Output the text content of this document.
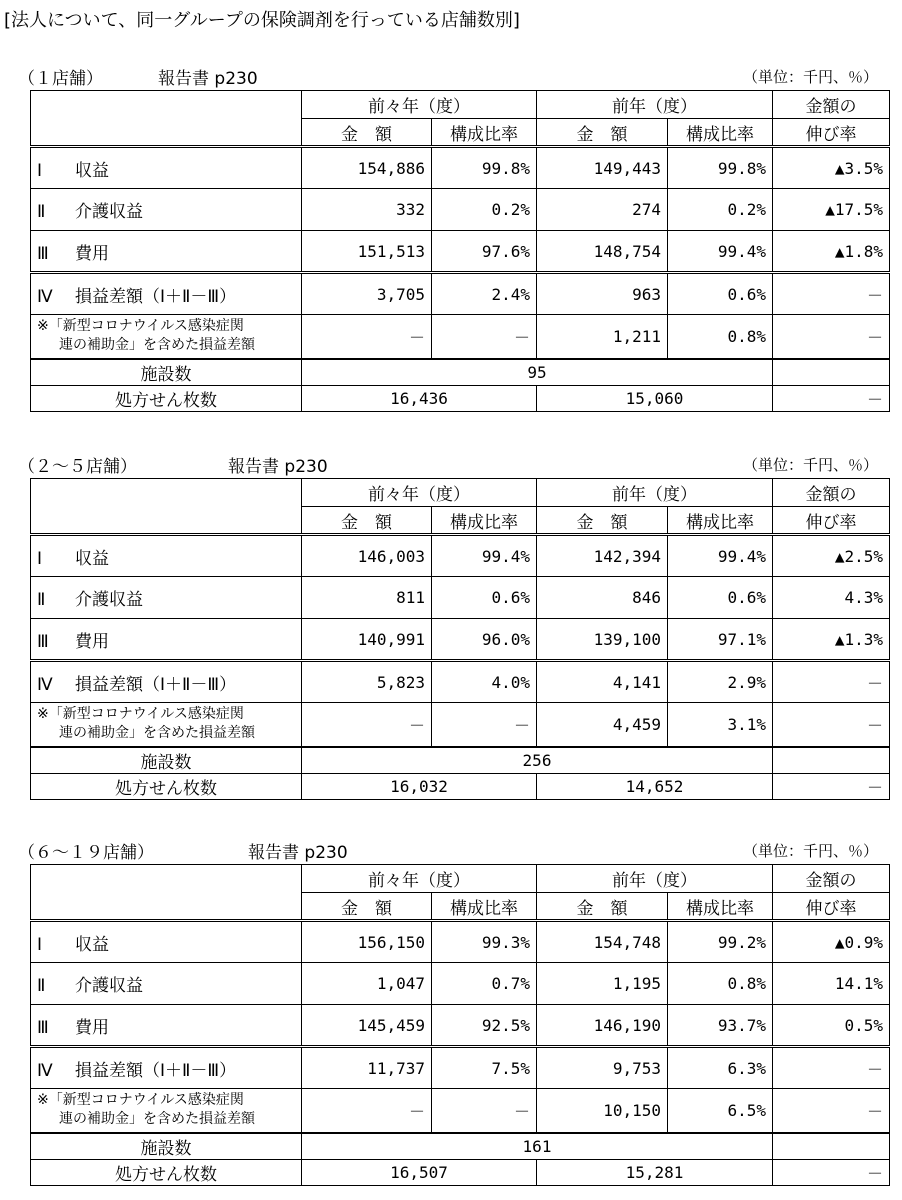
[法人について、同一グループの保険調剤を行っている店舗数別]
（１店舗）	報告書 p230	（単位：千円、％）
	前々年（度）		前年（度）		金額の
	金　額	構成比率	金　額	構成比率	伸び率
Ⅰ 収益	154,886	99.8%	149,443	99.8%	▲3.5%
Ⅱ 介護収益	332	0.2%	274	0.2%	▲17.5%
Ⅲ 費用	151,513	97.6%	148,754	99.4%	▲1.8%
Ⅳ 損益差額（Ⅰ＋Ⅱ－Ⅲ）	3,705	2.4%	963	0.6%	－

※「新型コロナウイルス感染症関
連の補助金」を含めた損益差額	－	－	1,211	0.8%	－
施設数	95				
処方せん枚数	16,436		15,060		－
（２～５店舗）	報告書 p230	（単位：千円、％）
	前々年（度）		前年（度）		金額の
	金　額	構成比率	金　額	構成比率	伸び率
Ⅰ 収益	146,003	99.4%	142,394	99.4%	▲2.5%
Ⅱ 介護収益	811	0.6%	846	0.6%	4.3%
Ⅲ 費用	140,991	96.0%	139,100	97.1%	▲1.3%
Ⅳ 損益差額（Ⅰ＋Ⅱ－Ⅲ）	5,823	4.0%	4,141	2.9%	－

※「新型コロナウイルス感染症関
連の補助金」を含めた損益差額	－	－	4,459	3.1%	－
施設数	256				
処方せん枚数	16,032		14,652		－
（６～１９店舗）	報告書 p230	（単位：千円、％）
	前々年（度）		前年（度）		金額の
	金　額	構成比率	金　額	構成比率	伸び率
Ⅰ 収益	156,150	99.3%	154,748	99.2%	▲0.9%
Ⅱ 介護収益	1,047	0.7%	1,195	0.8%	14.1%
Ⅲ 費用	145,459	92.5%	146,190	93.7%	0.5%
Ⅳ 損益差額（Ⅰ＋Ⅱ－Ⅲ）	11,737	7.5%	9,753	6.3%	－

※「新型コロナウイルス感染症関
連の補助金」を含めた損益差額	－	－	10,150	6.5%	－
施設数	161				
処方せん枚数	16,507		15,281		－
